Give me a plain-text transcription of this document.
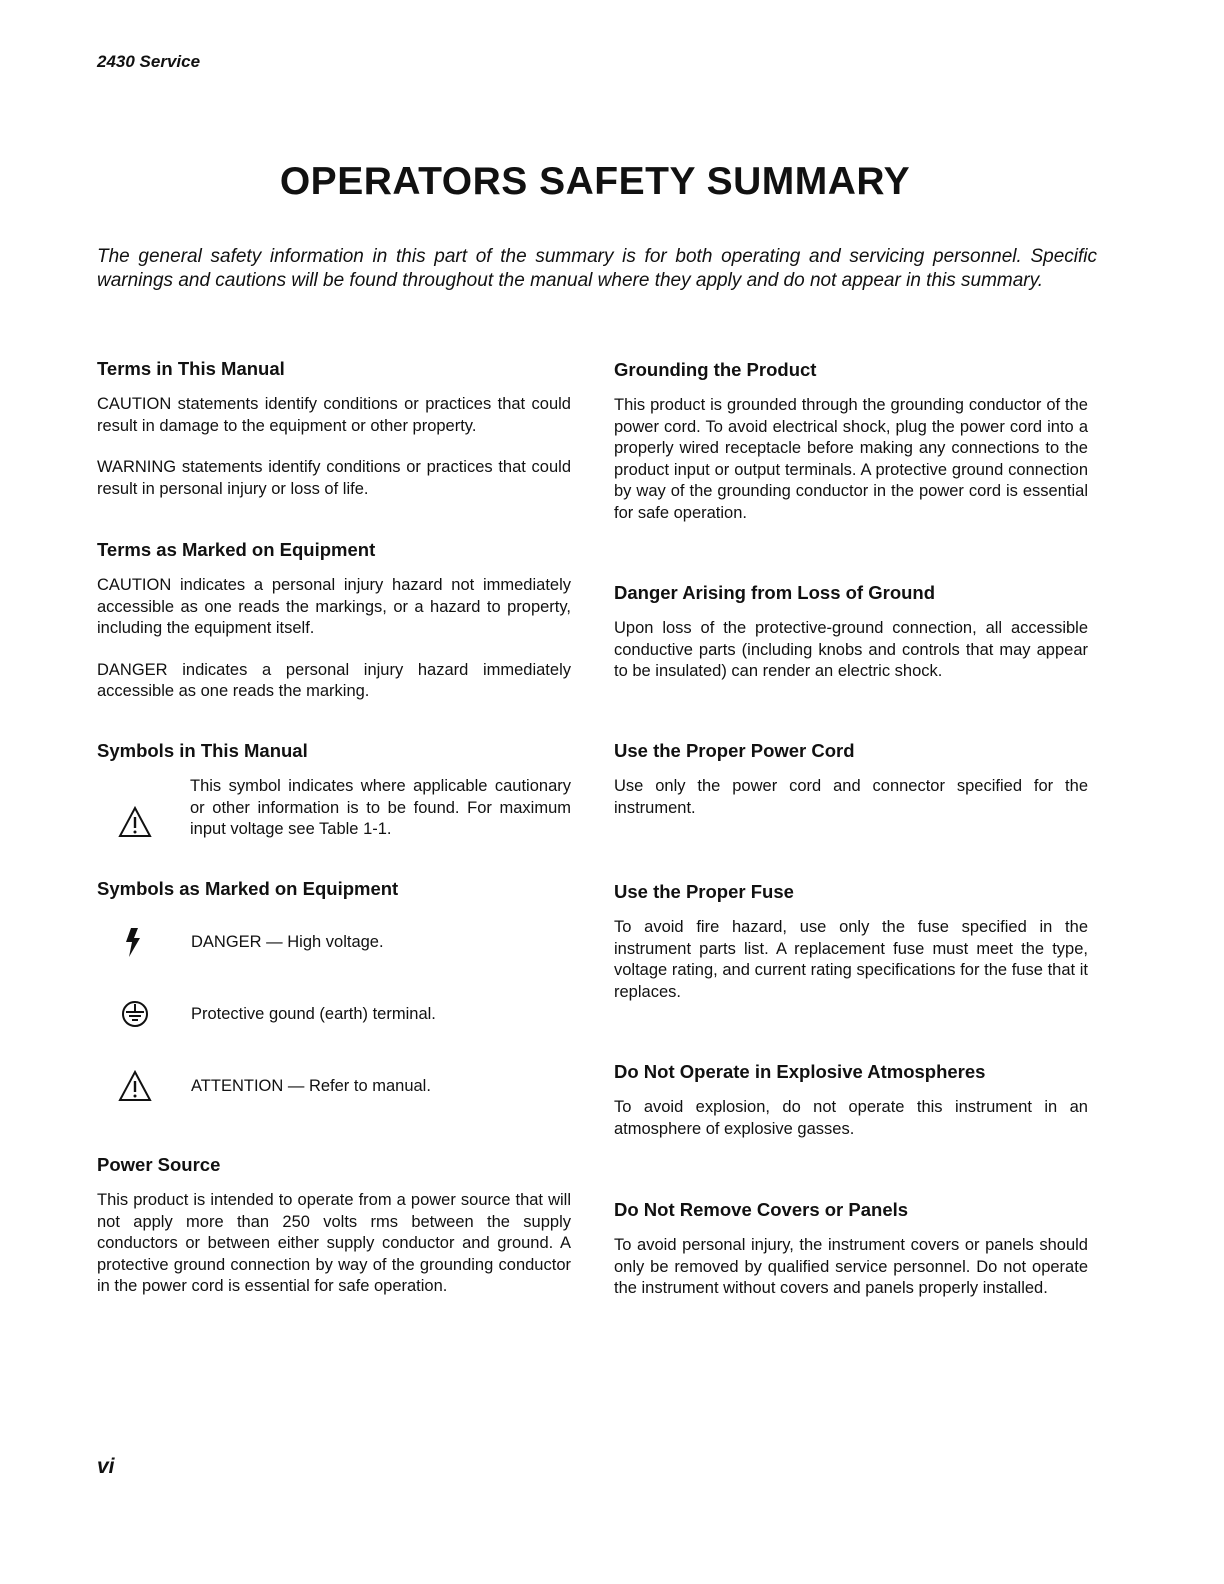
2430 Service
OPERATORS SAFETY SUMMARY
The general safety information in this part of the summary is for both operating and servicing personnel. Specific warnings and cautions will be found throughout the manual where they apply and do not appear in this summary.
Terms in This Manual

CAUTION statements identify conditions or practices that could result in damage to the equipment or other property.

WARNING statements identify conditions or practices that could result in personal injury or loss of life.

Terms as Marked on Equipment

CAUTION indicates a personal injury hazard not immediately accessible as one reads the markings, or a hazard to property, including the equipment itself.

DANGER indicates a personal injury hazard immediately accessible as one reads the marking.

Symbols in This Manual

This symbol indicates where applicable cautionary or other information is to be found. For maximum input voltage see Table 1-1.

Symbols as Marked on Equipment
DANGER — High voltage.
Protective gound (earth) terminal.
ATTENTION — Refer to manual.
Power Source

This product is intended to operate from a power source that will not apply more than 250 volts rms between the supply conductors or between either supply conductor and ground. A protective ground connection by way of the grounding conductor in the power cord is essential for safe operation.

Grounding the Product

This product is grounded through the grounding conductor of the power cord. To avoid electrical shock, plug the power cord into a properly wired receptacle before making any connections to the product input or output terminals. A protective ground connection by way of the grounding conductor in the power cord is essential for safe operation.

Danger Arising from Loss of Ground

Upon loss of the protective-ground connection, all accessible conductive parts (including knobs and controls that may appear to be insulated) can render an electric shock.

Use the Proper Power Cord

Use only the power cord and connector specified for the instrument.

Use the Proper Fuse

To avoid fire hazard, use only the fuse specified in the instrument parts list. A replacement fuse must meet the type, voltage rating, and current rating specifications for the fuse that it replaces.

Do Not Operate in Explosive Atmospheres

To avoid explosion, do not operate this instrument in an atmosphere of explosive gasses.

Do Not Remove Covers or Panels

To avoid personal injury, the instrument covers or panels should only be removed by qualified service personnel. Do not operate the instrument without covers and panels properly installed.

vi
